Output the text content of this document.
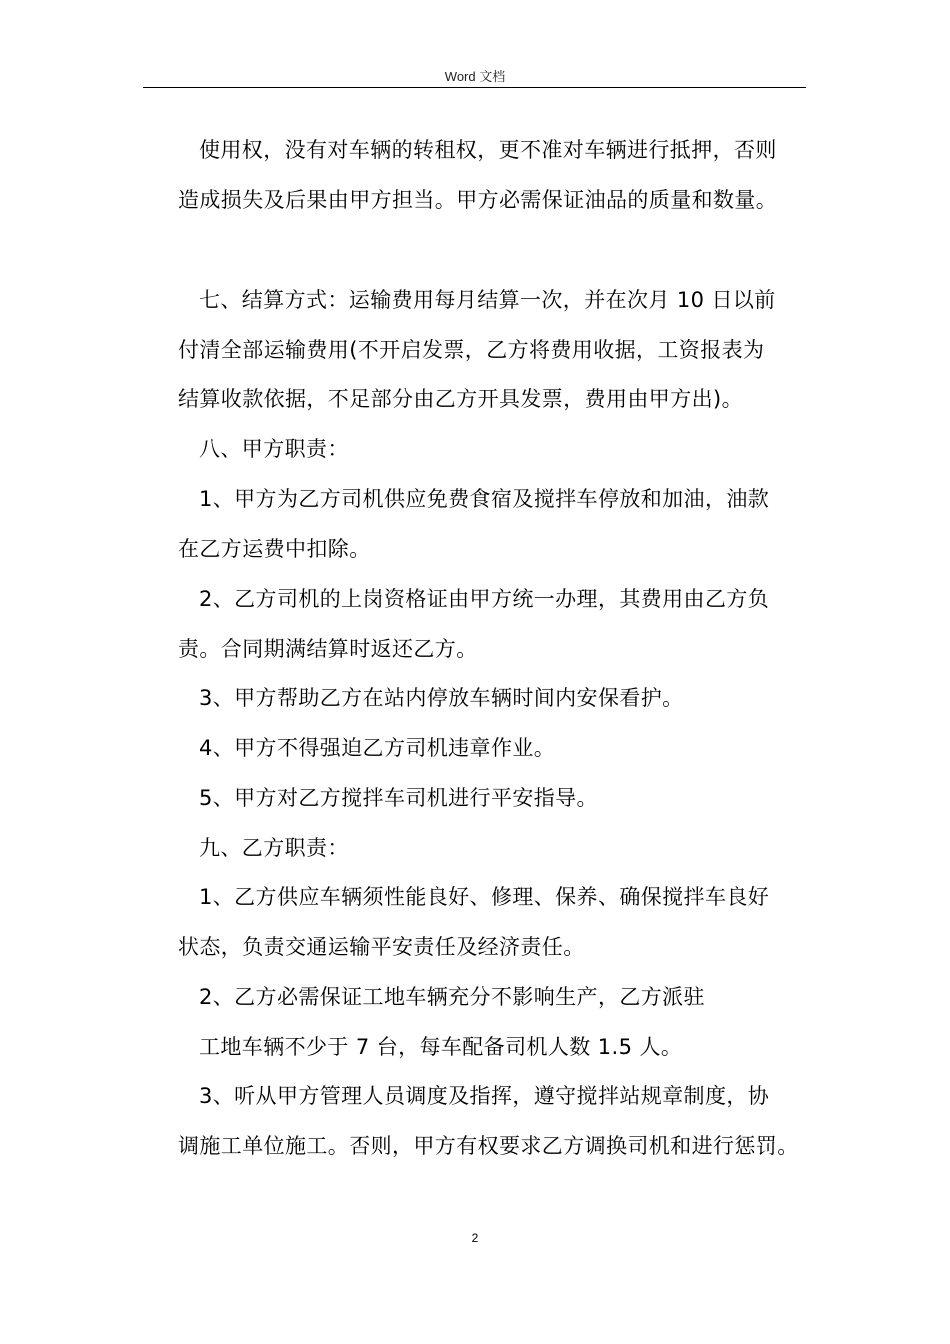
Word 文档
使用权，没有对车辆的转租权，更不准对车辆进行抵押，否则
造成损失及后果由甲方担当。甲方必需保证油品的质量和数量。
七、结算方式：运输费用每月结算一次，并在次月 10 日以前
付清全部运输费用(不开启发票，乙方将费用收据，工资报表为
结算收款依据，不足部分由乙方开具发票，费用由甲方出)。
八、甲方职责：
1、甲方为乙方司机供应免费食宿及搅拌车停放和加油，油款
在乙方运费中扣除。
2、乙方司机的上岗资格证由甲方统一办理，其费用由乙方负
责。合同期满结算时返还乙方。
3、甲方帮助乙方在站内停放车辆时间内安保看护。
4、甲方不得强迫乙方司机违章作业。
5、甲方对乙方搅拌车司机进行平安指导。
九、乙方职责：
1、乙方供应车辆须性能良好、修理、保养、确保搅拌车良好
状态，负责交通运输平安责任及经济责任。
2、乙方必需保证工地车辆充分不影响生产，乙方派驻
工地车辆不少于 7 台，每车配备司机人数 1.5 人。
3、听从甲方管理人员调度及指挥，遵守搅拌站规章制度，协
调施工单位施工。否则，甲方有权要求乙方调换司机和进行惩罚。
2
